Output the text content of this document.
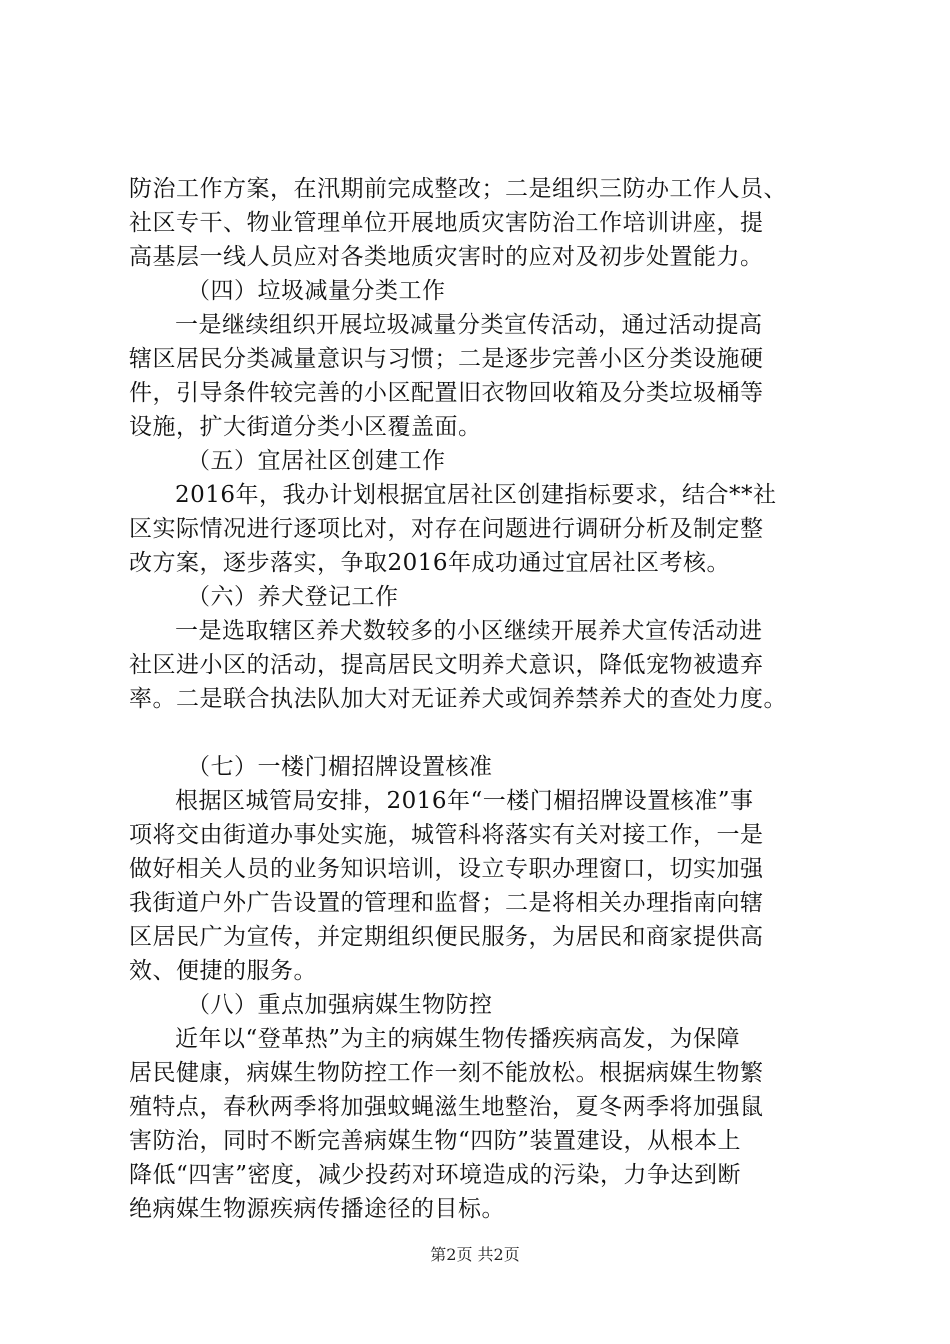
防治工作方案，在汛期前完成整改；二是组织三防办工作人员、
社区专干、物业管理单位开展地质灾害防治工作培训讲座，提
高基层一线人员应对各类地质灾害时的应对及初步处置能力。
（四）垃圾减量分类工作
一是继续组织开展垃圾减量分类宣传活动，通过活动提高
辖区居民分类减量意识与习惯；二是逐步完善小区分类设施硬
件，引导条件较完善的小区配置旧衣物回收箱及分类垃圾桶等
设施，扩大街道分类小区覆盖面。
（五）宜居社区创建工作
2016年，我办计划根据宜居社区创建指标要求，结合**社
区实际情况进行逐项比对，对存在问题进行调研分析及制定整
改方案，逐步落实，争取2016年成功通过宜居社区考核。
（六）养犬登记工作
一是选取辖区养犬数较多的小区继续开展养犬宣传活动进
社区进小区的活动，提高居民文明养犬意识，降低宠物被遗弃
率。二是联合执法队加大对无证养犬或饲养禁养犬的查处力度。
（七）一楼门楣招牌设置核准
根据区城管局安排，2016年“一楼门楣招牌设置核准”事
项将交由街道办事处实施，城管科将落实有关对接工作，一是
做好相关人员的业务知识培训，设立专职办理窗口，切实加强
我街道户外广告设置的管理和监督；二是将相关办理指南向辖
区居民广为宣传，并定期组织便民服务，为居民和商家提供高
效、便捷的服务。
（八）重点加强病媒生物防控
近年以“登革热”为主的病媒生物传播疾病高发，为保障
居民健康，病媒生物防控工作一刻不能放松。根据病媒生物繁
殖特点，春秋两季将加强蚊蝇滋生地整治，夏冬两季将加强鼠
害防治，同时不断完善病媒生物“四防”装置建设，从根本上
降低“四害”密度，减少投药对环境造成的污染，力争达到断
绝病媒生物源疾病传播途径的目标。
第2页 共2页
